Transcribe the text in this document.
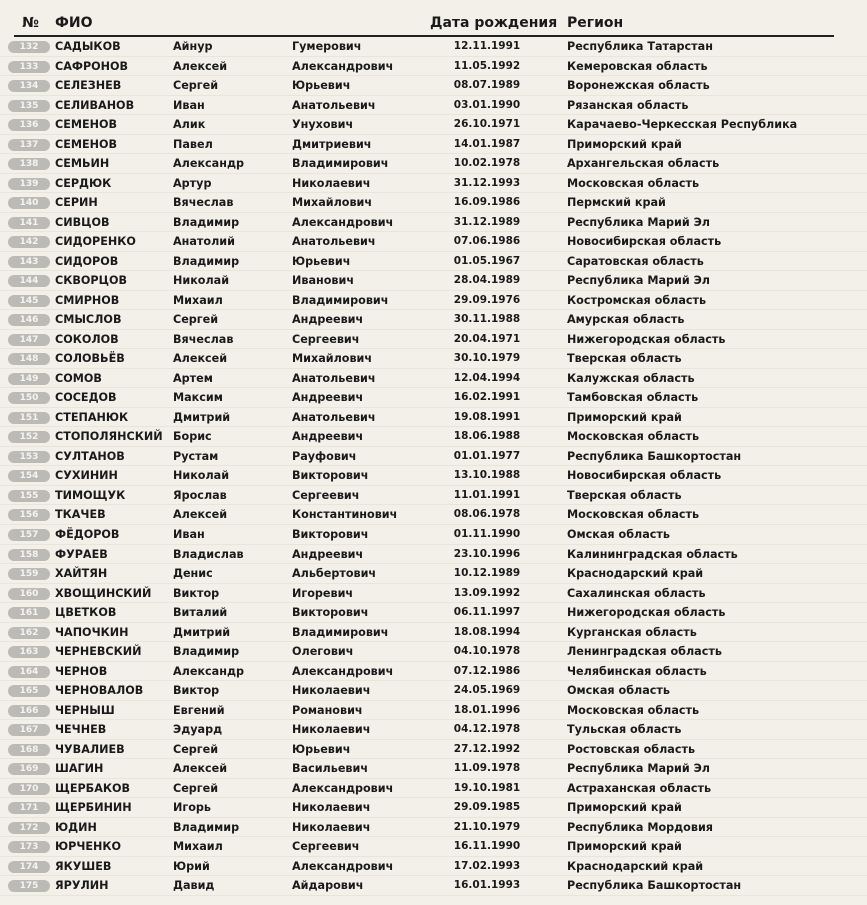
№ ФИО	Дата рождения Регион
132	САДЫКОВ	Айнур	Гумерович	12.11.1991	Республика Татарстан
133	САФРОНОВ	Алексей	Александрович	11.05.1992	Кемеровская область
134	СЕЛЕЗНЕВ	Сергей	Юрьевич	08.07.1989	Воронежская область
135	СЕЛИВАНОВ	Иван	Анатольевич	03.01.1990	Рязанская область
136	СЕМЕНОВ	Алик	Унухович	26.10.1971	Карачаево-Черкесская Республика
137	СЕМЕНОВ	Павел	Дмитриевич	14.01.1987	Приморский край
138	СЕМЬИН	Александр	Владимирович	10.02.1978	Архангельская область
139	СЕРДЮК	Артур	Николаевич	31.12.1993	Московская область
140	СЕРИН	Вячеслав	Михайлович	16.09.1986	Пермский край
141	СИВЦОВ	Владимир	Александрович	31.12.1989	Республика Марий Эл
142	СИДОРЕНКО	Анатолий	Анатольевич	07.06.1986	Новосибирская область
143	СИДОРОВ	Владимир	Юрьевич	01.05.1967	Саратовская область
144	СКВОРЦОВ	Николай	Иванович	28.04.1989	Республика Марий Эл
145	СМИРНОВ	Михаил	Владимирович	29.09.1976	Костромская область
146	СМЫСЛОВ	Сергей	Андреевич	30.11.1988	Амурская область
147	СОКОЛОВ	Вячеслав	Сергеевич	20.04.1971	Нижегородская область
148	СОЛОВЬЁВ	Алексей	Михайлович	30.10.1979	Тверская область
149	СОМОВ	Артем	Анатольевич	12.04.1994	Калужская область
150	СОСЕДОВ	Максим	Андреевич	16.02.1991	Тамбовская область
151	СТЕПАНЮК	Дмитрий	Анатольевич	19.08.1991	Приморский край
152	СТОПОЛЯНСКИЙ Борис	Андреевич	18.06.1988	Московская область
153	СУЛТАНОВ	Рустам	Рауфович	01.01.1977	Республика Башкортостан
154	СУХИНИН	Николай	Викторович	13.10.1988	Новосибирская область
155	ТИМОЩУК	Ярослав	Сергеевич	11.01.1991	Тверская область
156	ТКАЧЕВ	Алексей	Константинович	08.06.1978	Московская область
157	ФЁДОРОВ	Иван	Викторович	01.11.1990	Омская область
158	ФУРАЕВ	Владислав	Андреевич	23.10.1996	Калининградская область
159	ХАЙТЯН	Денис	Альбертович	10.12.1989	Краснодарский край
160	ХВОЩИНСКИЙ Виктор	Игоревич	13.09.1992	Сахалинская область
161	ЦВЕТКОВ	Виталий	Викторович	06.11.1997	Нижегородская область
162	ЧАПОЧКИН	Дмитрий	Владимирович	18.08.1994	Курганская область
163	ЧЕРНЕВСКИЙ	Владимир	Олегович	04.10.1978	Ленинградская область
164	ЧЕРНОВ	Александр	Александрович	07.12.1986	Челябинская область
165	ЧЕРНОВАЛОВ	Виктор	Николаевич	24.05.1969	Омская область
166	ЧЕРНЫШ	Евгений	Романович	18.01.1996	Московская область
167	ЧЕЧНЕВ	Эдуард	Николаевич	04.12.1978	Тульская область
168	ЧУВАЛИЕВ	Сергей	Юрьевич	27.12.1992	Ростовская область
169	ШАГИН	Алексей	Васильевич	11.09.1978	Республика Марий Эл
170	ЩЕРБАКОВ	Сергей	Александрович	19.10.1981	Астраханская область
171	ЩЕРБИНИН	Игорь	Николаевич	29.09.1985	Приморский край
172	ЮДИН	Владимир	Николаевич	21.10.1979	Республика Мордовия
173	ЮРЧЕНКО	Михаил	Сергеевич	16.11.1990	Приморский край
174	ЯКУШЕВ	Юрий	Александрович	17.02.1993	Краснодарский край
175	ЯРУЛИН	Давид	Айдарович	16.01.1993	Республика Башкортостан
